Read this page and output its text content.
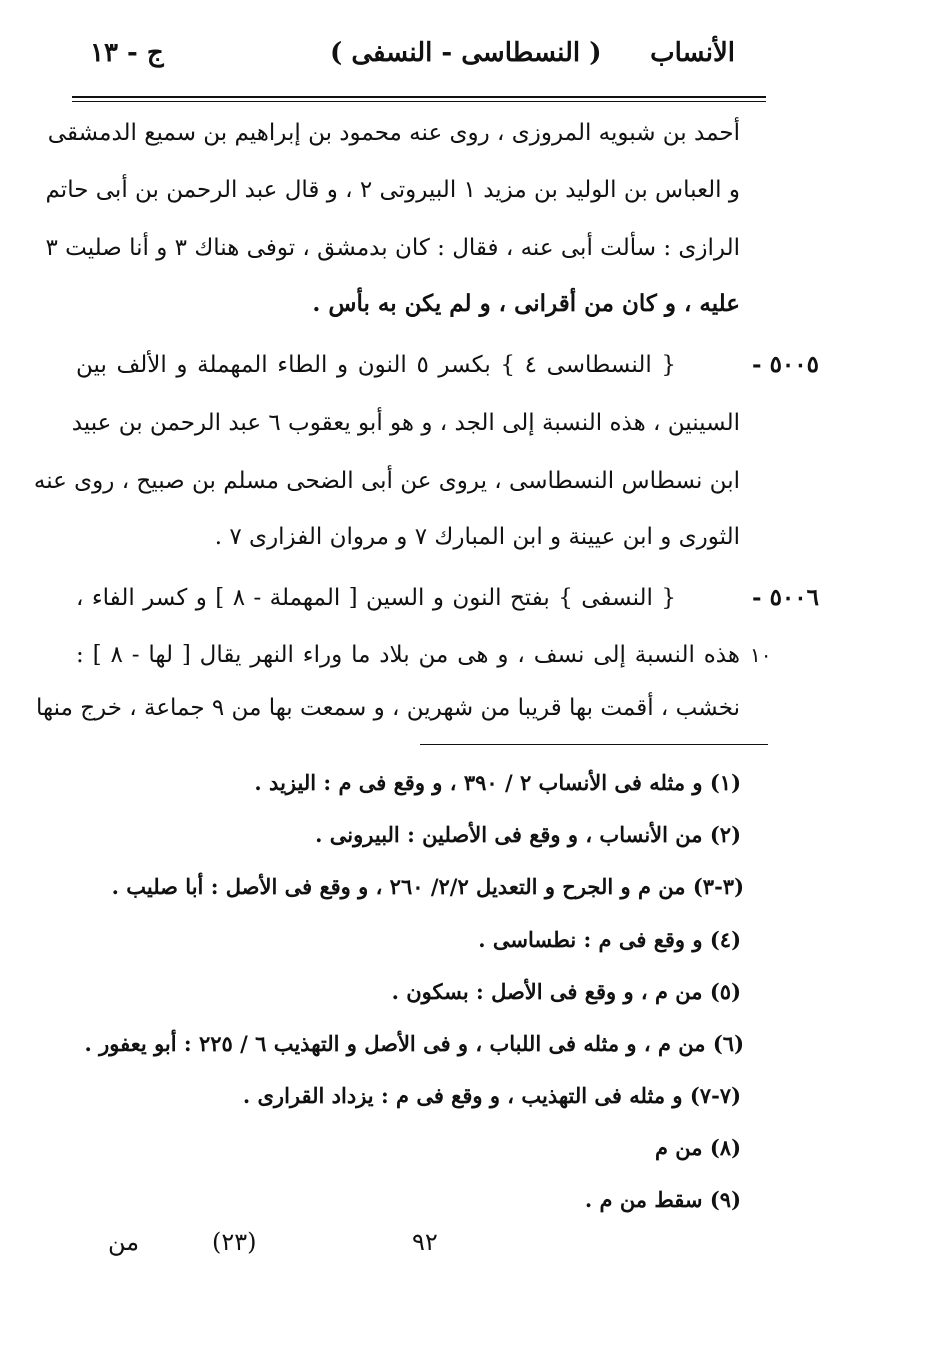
الأنساب
( النسطاسى - النسفى )
ج - ١٣
أحمد بن شبويه المروزى ، روى عنه محمود بن إبراهيم بن سميع الدمشقى
و العباس بن الوليد بن مزيد ١ البيروتى ٢ ، و قال عبد الرحمن بن أبى حاتم
الرازى : سألت أبى عنه ، فقال : كان بدمشق ، توفى هناك ٣ و أنا صليت ٣
عليه ، و كان من أقرانى ، و لم يكن به بأس .
٥٠٠٥ -
{ النسطاسى ٤ } بكسر ٥ النون و الطاء المهملة و الألف بين
السينين ، هذه النسبة إلى الجد ، و هو أبو يعقوب ٦ عبد الرحمن بن عبيد
ابن نسطاس النسطاسى ، يروى عن أبى الضحى مسلم بن صبيح ، روى عنه
الثورى و ابن عيينة و ابن المبارك ٧ و مروان الفزارى ٧ .
٥٠٠٦ -
{ النسفى } بفتح النون و السين [ المهملة - ٨ ] و كسر الفاء ،
١٠
هذه النسبة إلى نسف ، و هى من بلاد ما وراء النهر يقال [ لها - ٨ ] :
نخشب ، أقمت بها قريبا من شهرين ، و سمعت بها من ٩ جماعة ، خرج منها
(١) و مثله فى الأنساب ٢ / ٣٩٠ ، و وقع فى م : اليزيد .
(٢) من الأنساب ، و وقع فى الأصلين : البيرونى .
(٣-٣) من م و الجرح و التعديل ٢/٢/ ٢٦٠ ، و وقع فى الأصل : أبا صليب .
(٤) و وقع فى م : نطساسى .
(٥) من م ، و وقع فى الأصل : بسكون .
(٦) من م ، و مثله فى اللباب ، و فى الأصل و التهذيب ٦ / ٢٢٥ : أبو يعفور .
(٧-٧) و مثله فى التهذيب ، و وقع فى م : يزداد القرارى .
(٨) من م
(٩) سقط من م .
من	(٢٣)	٩٢
